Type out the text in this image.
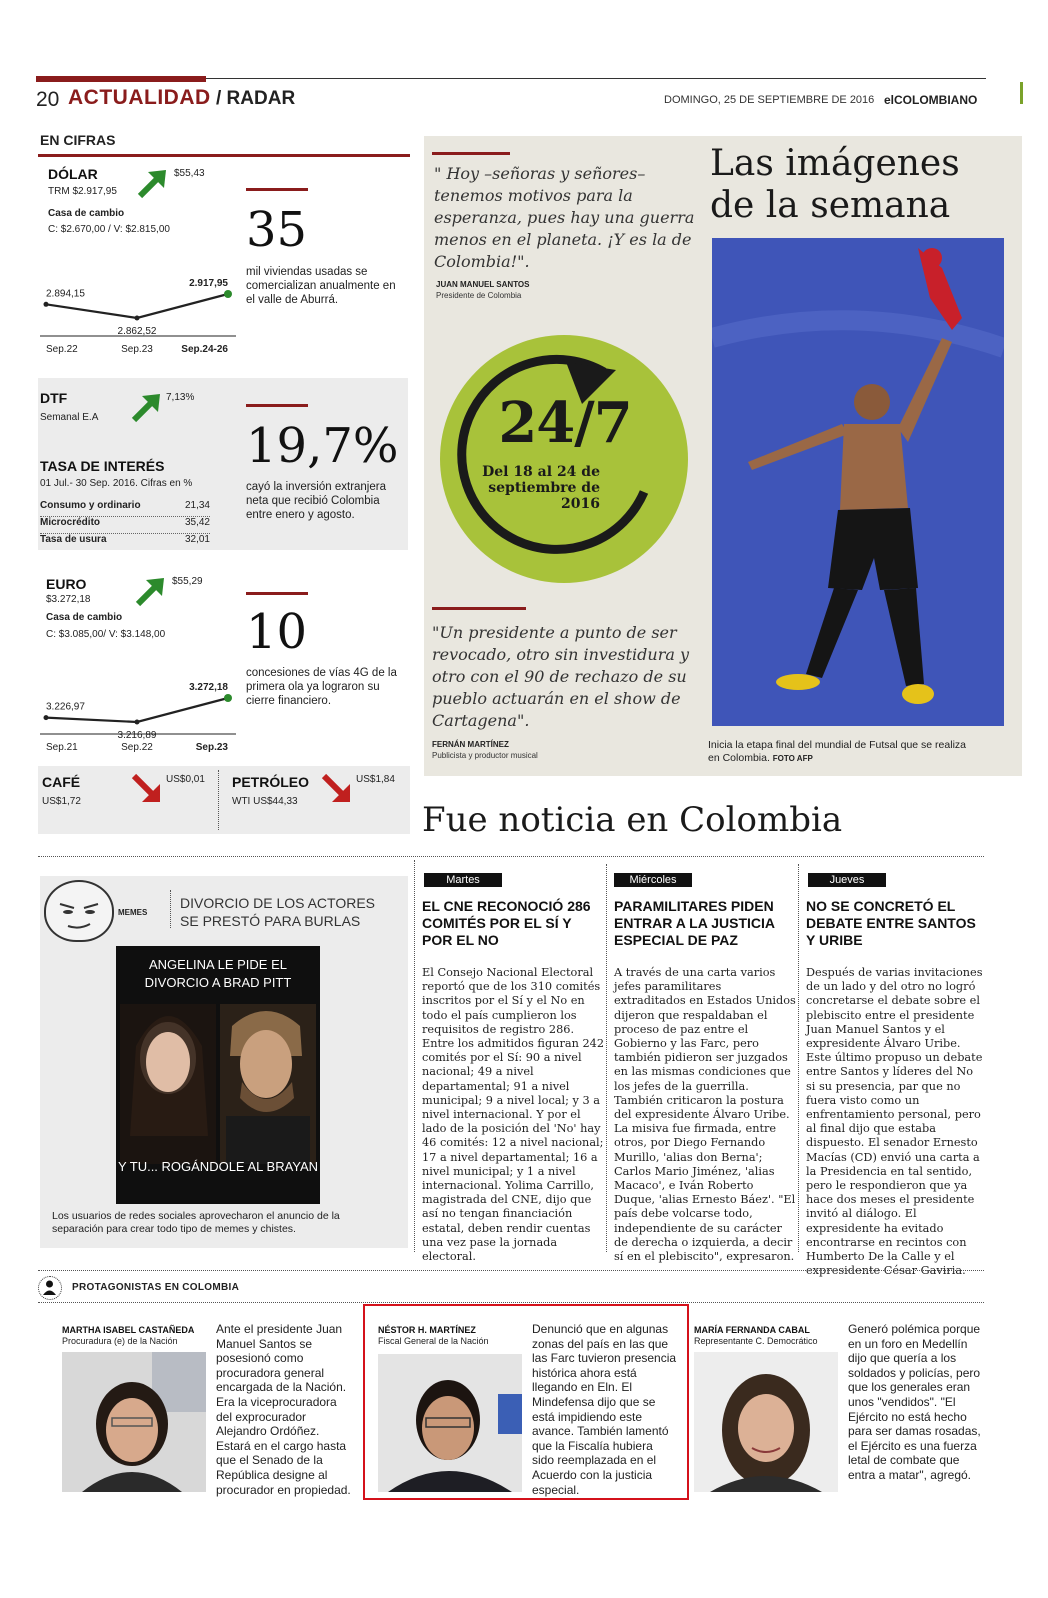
20 ACTUALIDAD / RADAR	DOMINGO, 25 DE SEPTIEMBRE DE 2016 elCOLOMBIANO
EN CIFRAS
DÓLAR
TRM $2.917,95
$55,43
Casa de cambio
C: $2.670,00 / V: $2.815,00
2.894,15
Sep.22
2.862,52
Sep.23
2.917,95
Sep.24-26
35
mil viviendas usadas se comercializan anualmente en el valle de Aburrá.
DTF
Semanal E.A
7,13%
TASA DE INTERÉS
01 Jul.- 30 Sep. 2016. Cifras en %
Consumo y ordinario	21,34
Microcrédito	35,42
Tasa de usura	32,01
19,7%
cayó la inversión extranjera neta que recibió Colombia entre enero y agosto.
EURO
$3.272,18
$55,29
Casa de cambio
C: $3.085,00/ V: $3.148,00
3.226,97
Sep.21
3.216,89
Sep.22
3.272,18
Sep.23
10
concesiones de vías 4G de la primera ola ya lograron su cierre financiero.
CAFÉ
US$1,72
US$0,01 PETRÓLEO
WTI US$44,33
US$1,84
Las imágenes de la semana
" Hoy –señoras y señores– tenemos motivos para la esperanza, pues hay una guerra menos en el planeta. ¡Y es la de Colombia!".
JUAN MANUEL SANTOS
Presidente de Colombia
24/7
Del 18 al 24 de septiembre de 2016
Inicia la etapa final del mundial de Futsal que se realiza en Colombia. FOTO AFP
"Un presidente a punto de ser revocado, otro sin investidura y otro con el 90 de rechazo de su pueblo actuarán en el show de Cartagena".
FERNÁN MARTÍNEZ
Publicista y productor musical
Fue noticia en Colombia
Martes
EL CNE RECONOCIÓ 286 COMITÉS POR EL SÍ Y POR EL NO
El Consejo Nacional Electoral reportó que de los 310 comités inscritos por el Sí y el No en todo el país cumplieron los requisitos de registro 286. Entre los admitidos figuran 242 comités por el Sí: 90 a nivel nacional; 49 a nivel departamental; 91 a nivel municipal; 9 a nivel local; y 3 a nivel internacional. Y por el lado de la posición del 'No' hay 46 comités: 12 a nivel nacional; 17 a nivel departamental; 16 a nivel municipal; y 1 a nivel internacional. Yolima Carrillo, magistrada del CNE, dijo que así no tengan financiación estatal, deben rendir cuentas una vez pase la jornada electoral.
Miércoles
PARAMILITARES PIDEN ENTRAR A LA JUSTICIA ESPECIAL DE PAZ
A través de una carta varios jefes paramilitares extraditados en Estados Unidos dijeron que respaldaban el proceso de paz entre el Gobierno y las Farc, pero también pidieron ser juzgados en las mismas condiciones que los jefes de la guerrilla. También criticaron la postura del expresidente Álvaro Uribe. La misiva fue firmada, entre otros, por Diego Fernando Murillo, 'alias don Berna'; Carlos Mario Jiménez, 'alias Macaco', e Iván Roberto Duque, 'alias Ernesto Báez'. "El país debe volcarse todo, independiente de su carácter de derecha o izquierda, a decir sí en el plebiscito", expresaron.
Jueves
NO SE CONCRETÓ EL DEBATE ENTRE SANTOS Y URIBE
Después de varias invitaciones de un lado y del otro no logró concretarse el debate sobre el plebiscito entre el presidente Juan Manuel Santos y el expresidente Álvaro Uribe. Este último propuso un debate entre Santos y líderes del No si su presencia, par que no fuera visto como un enfrentamiento personal, pero al final dijo que estaba dispuesto. El senador Ernesto Macías (CD) envió una carta a la Presidencia en tal sentido, pero le respondieron que ya hace dos meses el presidente invitó al diálogo. El expresidente ha evitado encontrarse en recintos con Humberto De la Calle y el expresidente César Gaviria.
MEMES
DIVORCIO DE LOS ACTORES SE PRESTÓ PARA BURLAS
ANGELINA LE PIDE EL DIVORCIO A BRAD PITT
Y TU... ROGÁNDOLE AL BRAYAN
Los usuarios de redes sociales aprovecharon el anuncio de la separación para crear todo tipo de memes y chistes.
PROTAGONISTAS EN COLOMBIA
MARTHA ISABEL CASTAÑEDA
Procuradura (e) de la Nación
Ante el presidente Juan Manuel Santos se posesionó como procuradora general encargada de la Nación. Era la viceprocuradora del exprocurador Alejandro Ordóñez. Estará en el cargo hasta que el Senado de la República designe al procurador en propiedad.
NÉSTOR H. MARTÍNEZ
Fiscal General de la Nación
Denunció que en algunas zonas del país en las que las Farc tuvieron presencia histórica ahora está llegando en Eln. El Mindefensa dijo que se está impidiendo este avance. También lamentó que la Fiscalía hubiera sido reemplazada en el Acuerdo con la justicia especial.
MARÍA FERNANDA CABAL
Representante C. Democrático
Generó polémica porque en un foro en Medellín dijo que quería a los soldados y policías, pero que los generales eran unos "vendidos". "El Ejército no está hecho para ser damas rosadas, el Ejército es una fuerza letal de combate que entra a matar", agregó.
